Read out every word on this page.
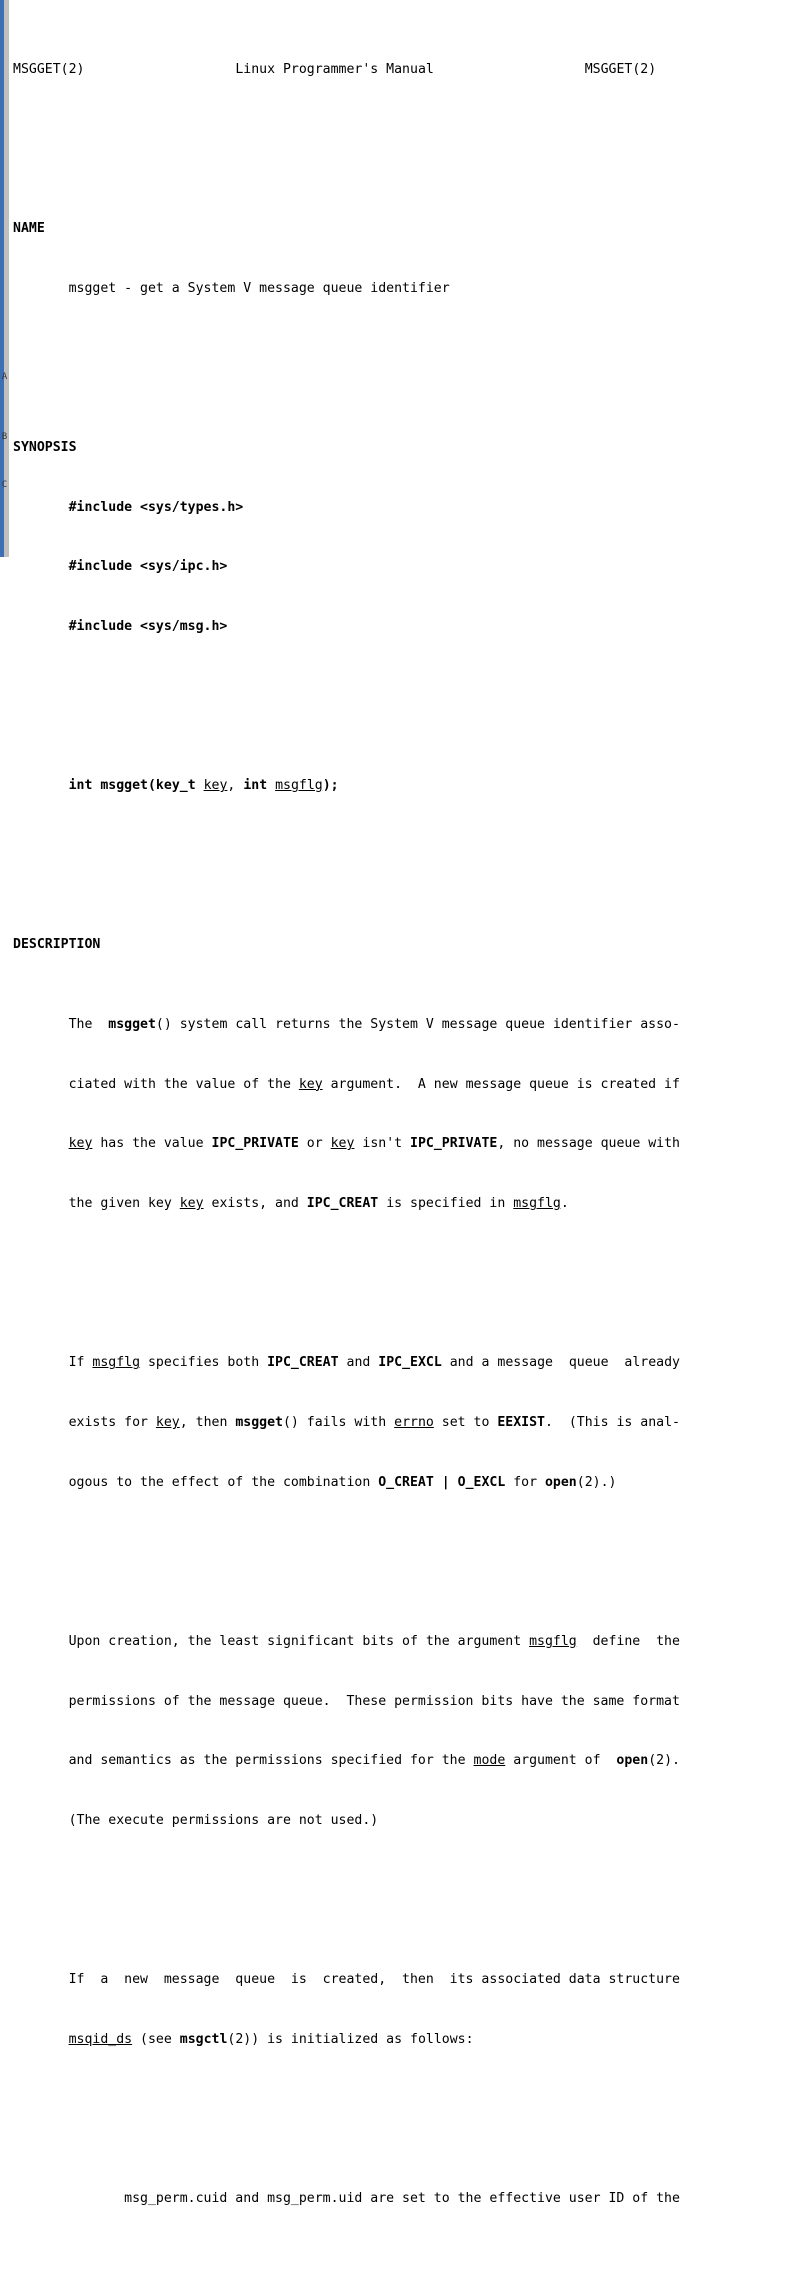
A
B
C

MSGGET(2)	Linux Programmer's Manual	MSGGET(2)

NAME

msgget - get a System V message queue identifier

SYNOPSIS

#include <sys/types.h>

#include <sys/ipc.h>

#include <sys/msg.h>

int msgget(key_t key, int msgflg);

DESCRIPTION

The  msgget() system call returns the System V message queue identifier asso-

ciated with the value of the key argument.  A new message queue is created if

key has the value IPC_PRIVATE or key isn't IPC_PRIVATE, no message queue with

the given key key exists, and IPC_CREAT is specified in msgflg.

If msgflg specifies both IPC_CREAT and IPC_EXCL and a message  queue  already

exists for key, then msgget() fails with errno set to EEXIST.  (This is anal-

ogous to the effect of the combination O_CREAT | O_EXCL for open(2).)

Upon creation, the least significant bits of the argument msgflg  define  the

permissions of the message queue.  These permission bits have the same format

and semantics as the permissions specified for the mode argument of  open(2).

(The execute permissions are not used.)

If  a  new  message  queue  is  created,  then  its associated data structure

msqid_ds (see msgctl(2)) is initialized as follows:

msg_perm.cuid and msg_perm.uid are set to the effective user ID of the
